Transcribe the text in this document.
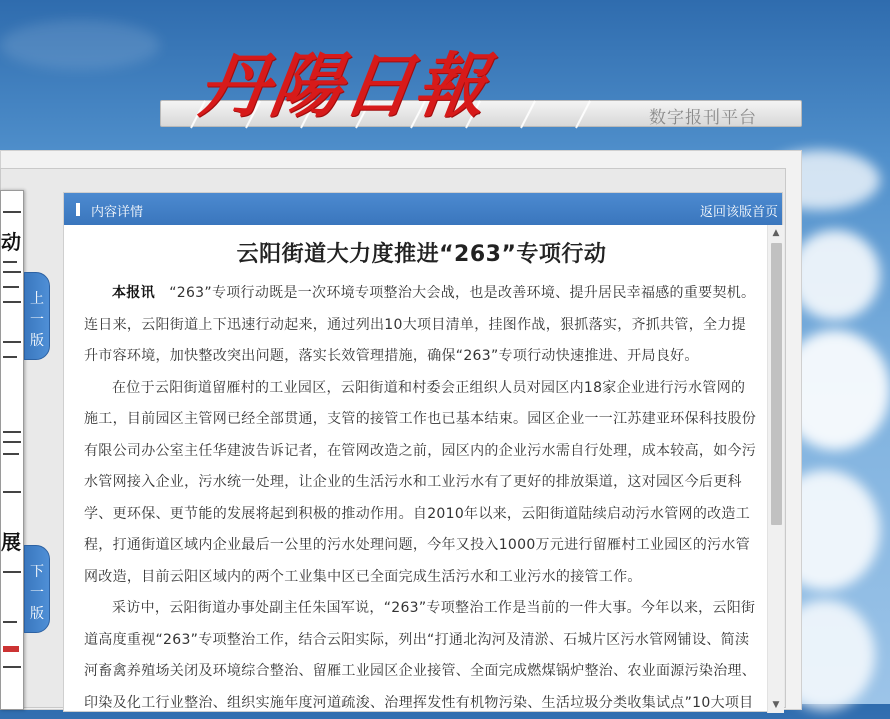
数字报刊平台
丹陽日報
动
展
上一版
下一版
内容详情	返回该版首页
云阳街道大力度推进“263”专项行动

本报讯　 “263”专项行动既是一次环境专项整治大会战，也是改善环境、提升居民幸福感的重要契机。连日来，云阳街道上下迅速行动起来，通过列出10大项目清单，挂图作战，狠抓落实，齐抓共管，全力提升市容环境，加快整改突出问题，落实长效管理措施，确保“263”专项行动快速推进、开局良好。

在位于云阳街道留雁村的工业园区，云阳街道和村委会正组织人员对园区内18家企业进行污水管网的施工，目前园区主管网已经全部贯通，支管的接管工作也已基本结束。园区企业一一江苏建亚环保科技股份有限公司办公室主任华建波告诉记者，在管网改造之前，园区内的企业污水需自行处理，成本较高，如今污水管网接入企业，污水统一处理，让企业的生活污水和工业污水有了更好的排放渠道，这对园区今后更科学、更环保、更节能的发展将起到积极的推动作用。自2010年以来，云阳街道陆续启动污水管网的改造工程，打通街道区域内企业最后一公里的污水处理问题，今年又投入1000万元进行留雁村工业园区的污水管网改造，目前云阳区域内的两个工业集中区已全面完成生活污水和工业污水的接管工作。

采访中，云阳街道办事处副主任朱国军说，“263”专项整治工作是当前的一件大事。今年以来，云阳街道高度重视“263”专项整治工作，结合云阳实际，列出“打通北沟河及清淤、石城片区污水管网铺设、简渎河畜禽养殖场关闭及环境综合整治、留雁工业园区企业接管、全面完成燃煤锅炉整治、农业面源污染治理、印染及化工行业整治、组织实施年度河道疏浚、治理挥发性有机物污染、生活垃圾分类收集试点”10大项目

▲
▼
